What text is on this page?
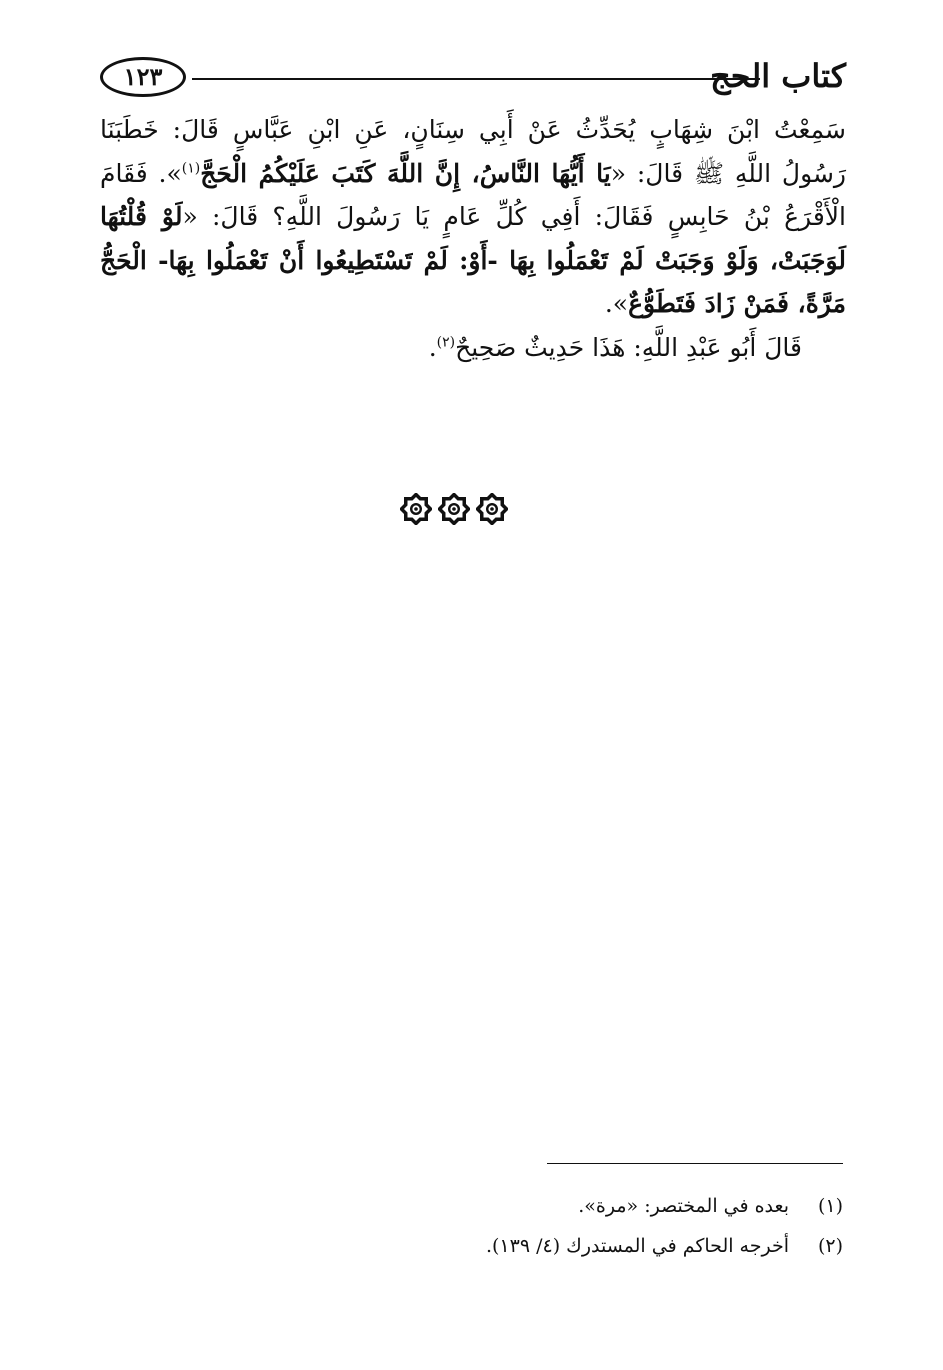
كتاب الحج
١٢٣

سَمِعْتُ ابْنَ شِهَابٍ يُحَدِّثُ عَنْ أَبِي سِنَانٍ، عَنِ ابْنِ عَبَّاسٍ قَالَ: خَطَبَنَا رَسُولُ اللَّهِ ﷺ قَالَ: «يَا أَيُّهَا النَّاسُ، إِنَّ اللَّهَ كَتَبَ عَلَيْكُمُ الْحَجَّ$^{(١)}$». فَقَامَ الْأَقْرَعُ بْنُ حَابِسٍ فَقَالَ: أَفِي كُلِّ عَامٍ يَا رَسُولَ اللَّهِ؟ قَالَ: «لَوْ قُلْتُهَا لَوَجَبَتْ، وَلَوْ وَجَبَتْ لَمْ تَعْمَلُوا بِهَا -أَوْ: لَمْ تَسْتَطِيعُوا أَنْ تَعْمَلُوا بِهَا- الْحَجُّ مَرَّةً، فَمَنْ زَادَ فَتَطَوُّعٌ».

قَالَ أَبُو عَبْدِ اللَّهِ: هَذَا حَدِيثٌ صَحِيحٌ$^{(٢)}$.

(١)بعده في المختصر: «مرة».
(٢)أخرجه الحاكم في المستدرك (٤/ ١٣٩).
